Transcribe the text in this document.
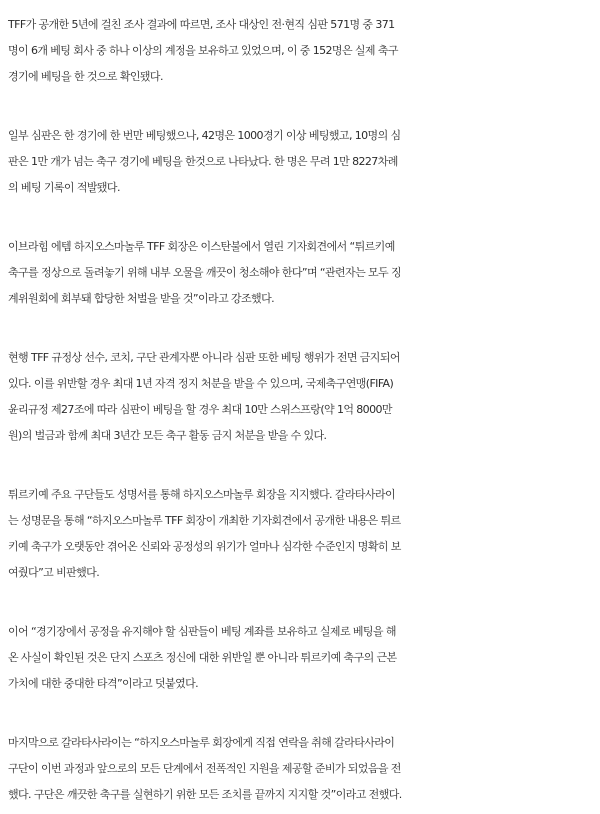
TFF가 공개한 5년에 걸친 조사 결과에 따르면, 조사 대상인 전·현직 심판 571명 중 371
명이 6개 베팅 회사 중 하나 이상의 계정을 보유하고 있었으며, 이 중 152명은 실제 축구
경기에 베팅을 한 것으로 확인됐다.
일부 심판은 한 경기에 한 번만 베팅했으나, 42명은 1000경기 이상 베팅했고, 10명의 심
판은 1만 개가 넘는 축구 경기에 베팅을 한것으로 나타났다. 한 명은 무려 1만 8227차례
의 베팅 기록이 적발됐다.
이브라힘 에템 하지오스마놀루 TFF 회장은 이스탄불에서 열린 기자회견에서 “튀르키예
축구를 정상으로 돌려놓기 위해 내부 오물을 깨끗이 청소해야 한다”며 “관련자는 모두 징
계위원회에 회부돼 합당한 처벌을 받을 것”이라고 강조했다.
현행 TFF 규정상 선수, 코치, 구단 관계자뿐 아니라 심판 또한 베팅 행위가 전면 금지되어
있다. 이를 위반할 경우 최대 1년 자격 정지 처분을 받을 수 있으며, 국제축구연맹(FIFA)
윤리규정 제27조에 따라 심판이 베팅을 할 경우 최대 10만 스위스프랑(약 1억 8000만
원)의 벌금과 함께 최대 3년간 모든 축구 활동 금지 처분을 받을 수 있다.
튀르키예 주요 구단들도 성명서를 통해 하지오스마놀루 회장을 지지했다. 갈라타사라이
는 성명문을 통해 “하지오스마놀루 TFF 회장이 개최한 기자회견에서 공개한 내용은 튀르
키예 축구가 오랫동안 겪어온 신뢰와 공정성의 위기가 얼마나 심각한 수준인지 명확히 보
여줬다”고 비판했다.
이어 “경기장에서 공정을 유지해야 할 심판들이 베팅 계좌를 보유하고 실제로 베팅을 해
온 사실이 확인된 것은 단지 스포츠 정신에 대한 위반일 뿐 아니라 튀르키예 축구의 근본
가치에 대한 중대한 타격”이라고 덧붙였다.
마지막으로 갈라타사라이는 “하지오스마놀루 회장에게 직접 연락을 취해 갈라타사라이
구단이 이번 과정과 앞으로의 모든 단계에서 전폭적인 지원을 제공할 준비가 되었음을 전
했다. 구단은 깨끗한 축구를 실현하기 위한 모든 조치를 끝까지 지지할 것”이라고 전했다.
